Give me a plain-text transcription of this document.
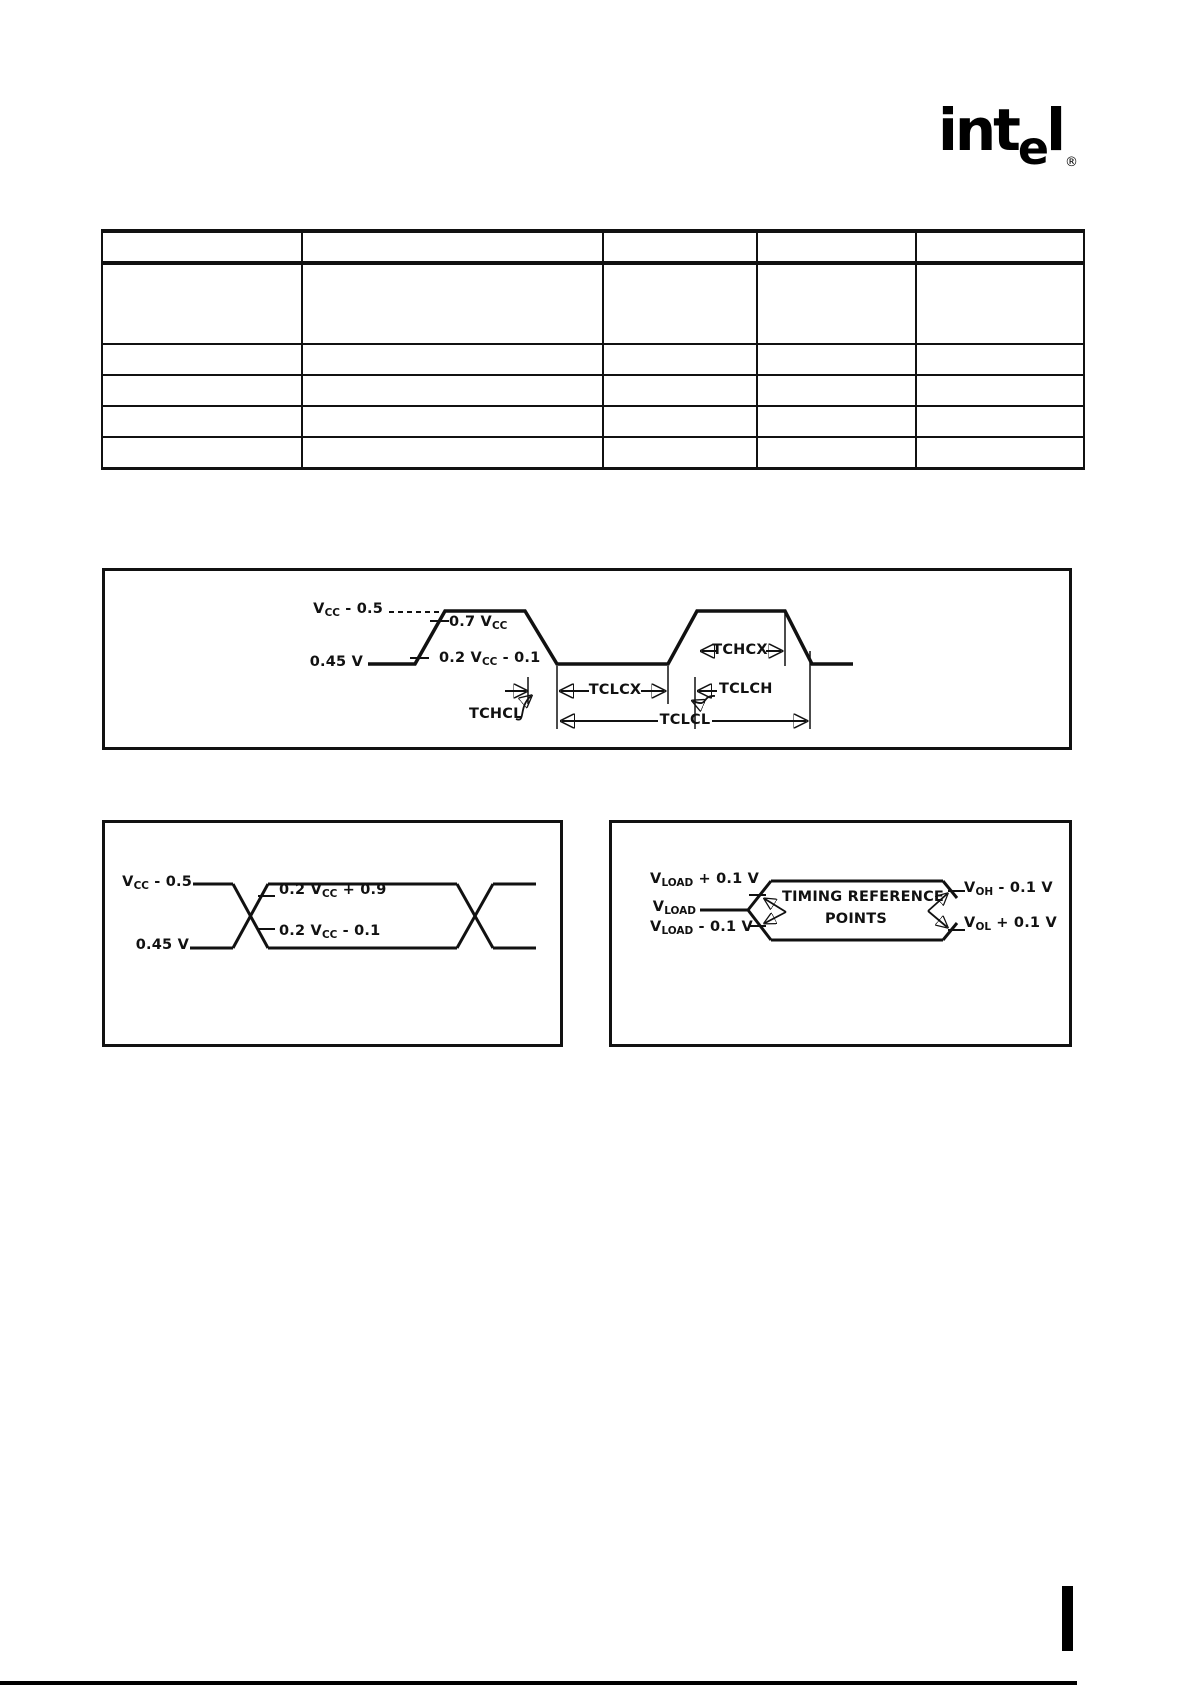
intel ®

$V_{CC} - 0.5$
0.7 $V_{CC}$
0.45 V	0.2 $V_{CC} - 0.1$	TCHCX
TCLCX	TCLCH
TCHCL	TCLCL
$V_{CC} - 0.5$	0.2 $V_{CC} + 0.9$
0.2 $V_{CC} - 0.1$
0.45 V
$V_{LOAD} + 0.1$ V
$V_{LOAD}$
$V_{LOAD} - 0.1$ V
$V_{OH} - 0.1$ V
$V_{OL} + 0.1$ V
TIMING REFERENCE
POINTS
